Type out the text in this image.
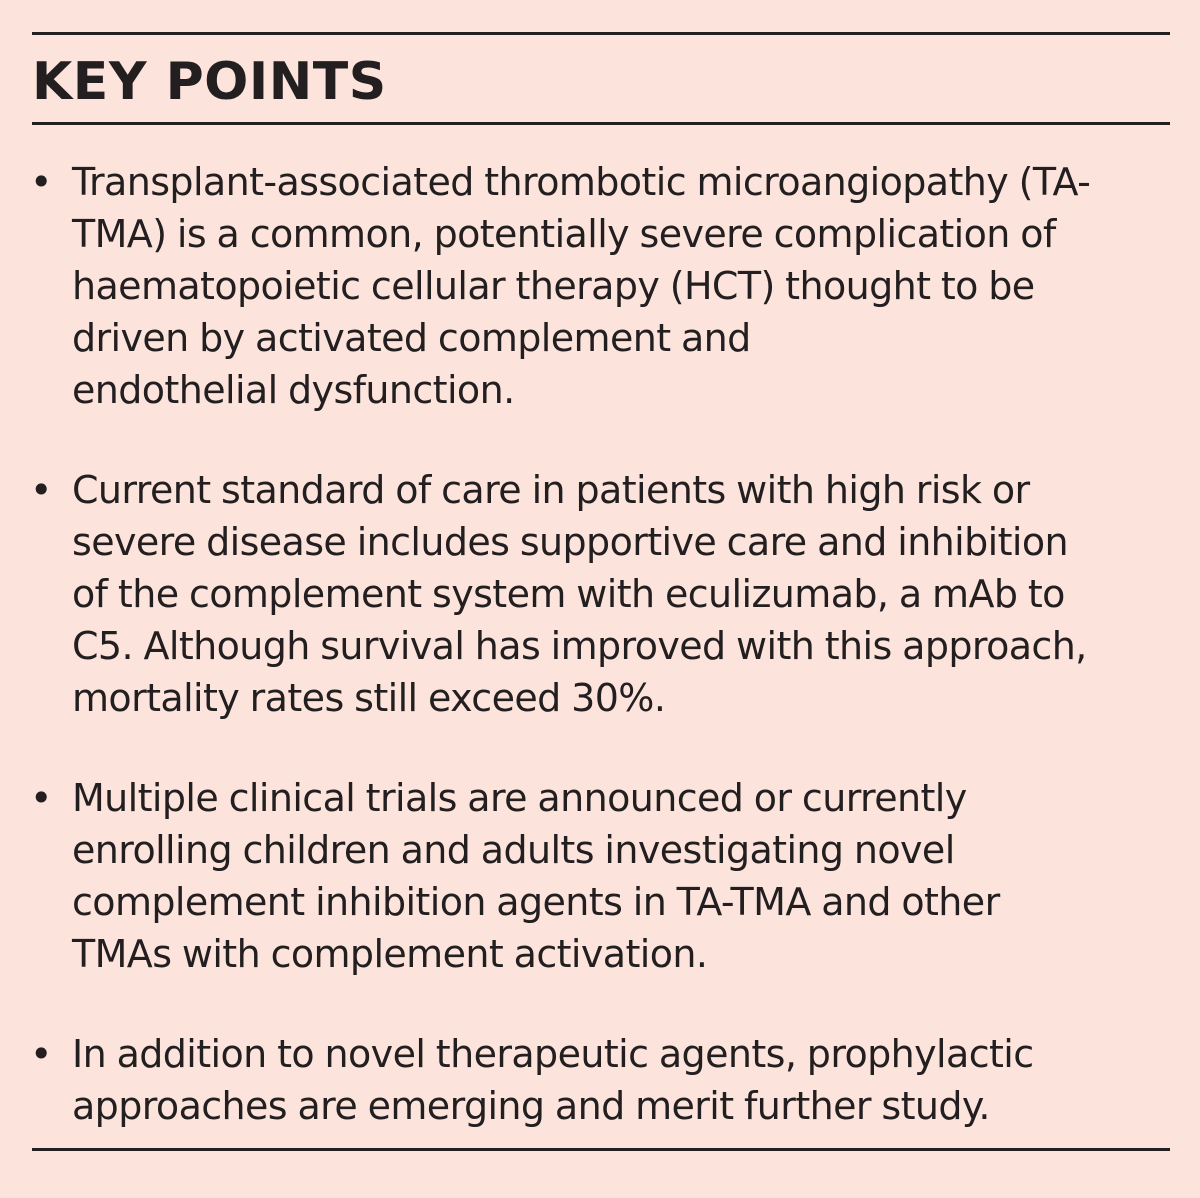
KEY POINTS
• Transplant-associated thrombotic microangiopathy (TA-
TMA) is a common, potentially severe complication of
haematopoietic cellular therapy (HCT) thought to be
driven by activated complement and
endothelial dysfunction.
• Current standard of care in patients with high risk or
severe disease includes supportive care and inhibition
of the complement system with eculizumab, a mAb to
C5. Although survival has improved with this approach,
mortality rates still exceed 30%.
• Multiple clinical trials are announced or currently
enrolling children and adults investigating novel
complement inhibition agents in TA-TMA and other
TMAs with complement activation.
• In addition to novel therapeutic agents, prophylactic
approaches are emerging and merit further study.
